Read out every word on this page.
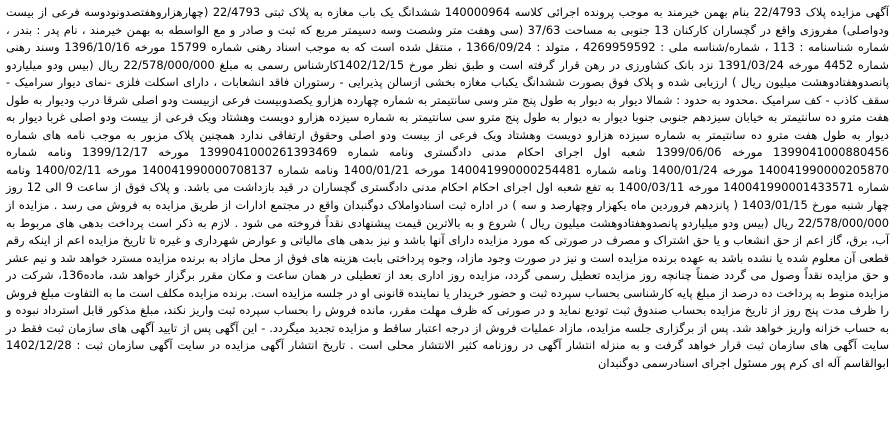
آگهی مزایده پلاک 22/4793 بنام بهمن خیرمند به موجب پرونده اجرائی کلاسه 140000964 ششدانگ یک باب مغازه به پلاک ثبتی 22/4793 (چهارهزاروهفتصدونودوسه فرعی از بیست ودواصلی) مفروزی واقع در گچساران کارکنان 13 جنوبی به مساحت 37/63 (سی وهفت متر وشصت وسه دسیمتر مربع که ثبت و صادر و مع الواسطه به بهمن خیرمند ، نام پدر : بندر ، شماره شناسنامه : 113 ، شماره/شناسه ملی : 4269959592 ، متولد : 1366/09/24 ، منتقل شده است که به موجب اسناد رهنی شماره 15799 مورخه 1396/10/16 وسند رهنی شماره 4452 مورخه 1391/03/24 نزد بانک کشاورزی در رهن قرار گرفته است و طبق نظر مورخ 1402/12/15کارشناس رسمی به مبلغ 22/578/000/000 ریال (بیس ودو میلیاردو پانصدوهفتادوهشت میلیون ریال ) ارزیابی شده و پلاک فوق بصورت ششدانگ یکباب مغازه بخشی ازسالن پذیرایی - رستوران فاقد انشعابات ، دارای اسکلت فلزی -نمای دیوار سرامیک - سقف کاذب - کف سرامیک .محدود به حدود : شمالا دیوار به دیوار به طول پنج متر وسی سانتیمتر به شماره چهارده هزارو یکصدوبیست فرعی ازبیست ودو اصلی شرقا درب وديوار به طول هفت مترو ده سانتیمتر به خیابان سیزدهم جنوبی جنوبا دیوار به دیوار به طول پنج مترو سی سانتیمتر به شماره سیزده هزارو دویست وهشتاد ویک فرعی از بیست ودو اصلی غربا دیوار به دیوار به طول هفت مترو ده سانتیمتر به شماره سیزده هزارو دویست وهشتاد ویک فرعی از بیست ودو اصلی وحقوق ارتفاقی ندارد همچنین پلاک مزبور به موجب نامه های شماره 1399041000880456 مورخه 1399/06/06 شعبه اول اجرای احکام مدنی دادگستری ونامه شماره 1399041000261393469 مورخه 1399/12/17 ونامه شماره 140041990000205870 مورخه 1400/01/24 ونامه شماره 140041990000254481 مورخه 1400/01/21 ونامه شماره 140041990000708137 مورخه 1400/02/11 ونامه شماره 140041990001433571 مورخه 1400/03/11 به تفع شعبه اول اجرای احکام احکام مدنی دادگستری گچساران در قید بازداشت می باشد. و پلاک فوق از ساعت 9 الی 12 روز چهار شنبه مورخ 1403/01/15 ( پانزدهم فروردین ماه یکهزار وچهارصد و سه ) در اداره ثبت اسنادواملاک دوگنبدان واقع در مجتمع ادارات از طریق مزایده به فروش می رسد . مزایده از 22/578/000/000 ریال (بیس ودو میلیاردو پانصدوهفتادوهشت میلیون ریال ) شروع و به بالاترین قیمت پیشنهادی نقداً فروخته می شود . لازم به ذکر است پرداخت بدهی های مربوط به آب، برق، گاز اعم از حق انشعاب و یا حق اشتراک و مصرف در صورتی که مورد مزایده دارای آنها باشد و نیز بدهی های مالیاتی و عوارض شهرداری و غیره تا تاریخ مزایده اعم از اینکه رقم قطعی آن معلوم شده یا نشده باشد به عهده برنده مزایده است و نیز در صورت وجود مازاد، وجوه پرداختی بابت هزینه های فوق از محل مازاد به برنده مزایده مسترد خواهد شد و نیم عشر و حق مزایده نقداً وصول می گردد ضمناً چنانچه روز مزایده تعطیل رسمی گردد، مزایده روز اداری بعد از تعطیلی در همان ساعت و مکان مقرر برگزار خواهد شد، ماده136، شرکت در مزایده منوط به پرداخت ده درصد از مبلغ پایه کارشناسی بحساب سپرده ثبت و حضور خریدار یا نماینده قانونی او در جلسه مزایده است. برنده مزایده مکلف است ما به التفاوت مبلغ فروش را ظرف مدت پنج روز از تاریخ مزایده بحساب صندوق ثبت تودیع نماید و در صورتی که ظرف مهلت مقرر، مانده فروش را بحساب سپرده ثبت واریز نکند، مبلغ مذکور قابل استرداد نبوده و به حساب خزانه واریز خواهد شد. پس از برگزاری جلسه مزایده، مازاد عملیات فروش از درجه اعتبار ساقط و مزایده تجدید میگردد. - این آگهی پس از تایید آگهی های سازمان ثبت فقط در سایت آگهی های سازمان ثبت قرار خواهد گرفت و به منزله انتشار آگهی در روزنامه کثیر الانتشار محلی است . تاریخ انتشار آگهی مزایده در سایت آگهی سازمان ثبت : 1402/12/28 ابوالقاسم آله ای کرم پور مسئول اجرای اسنادرسمی دوگنبدان
